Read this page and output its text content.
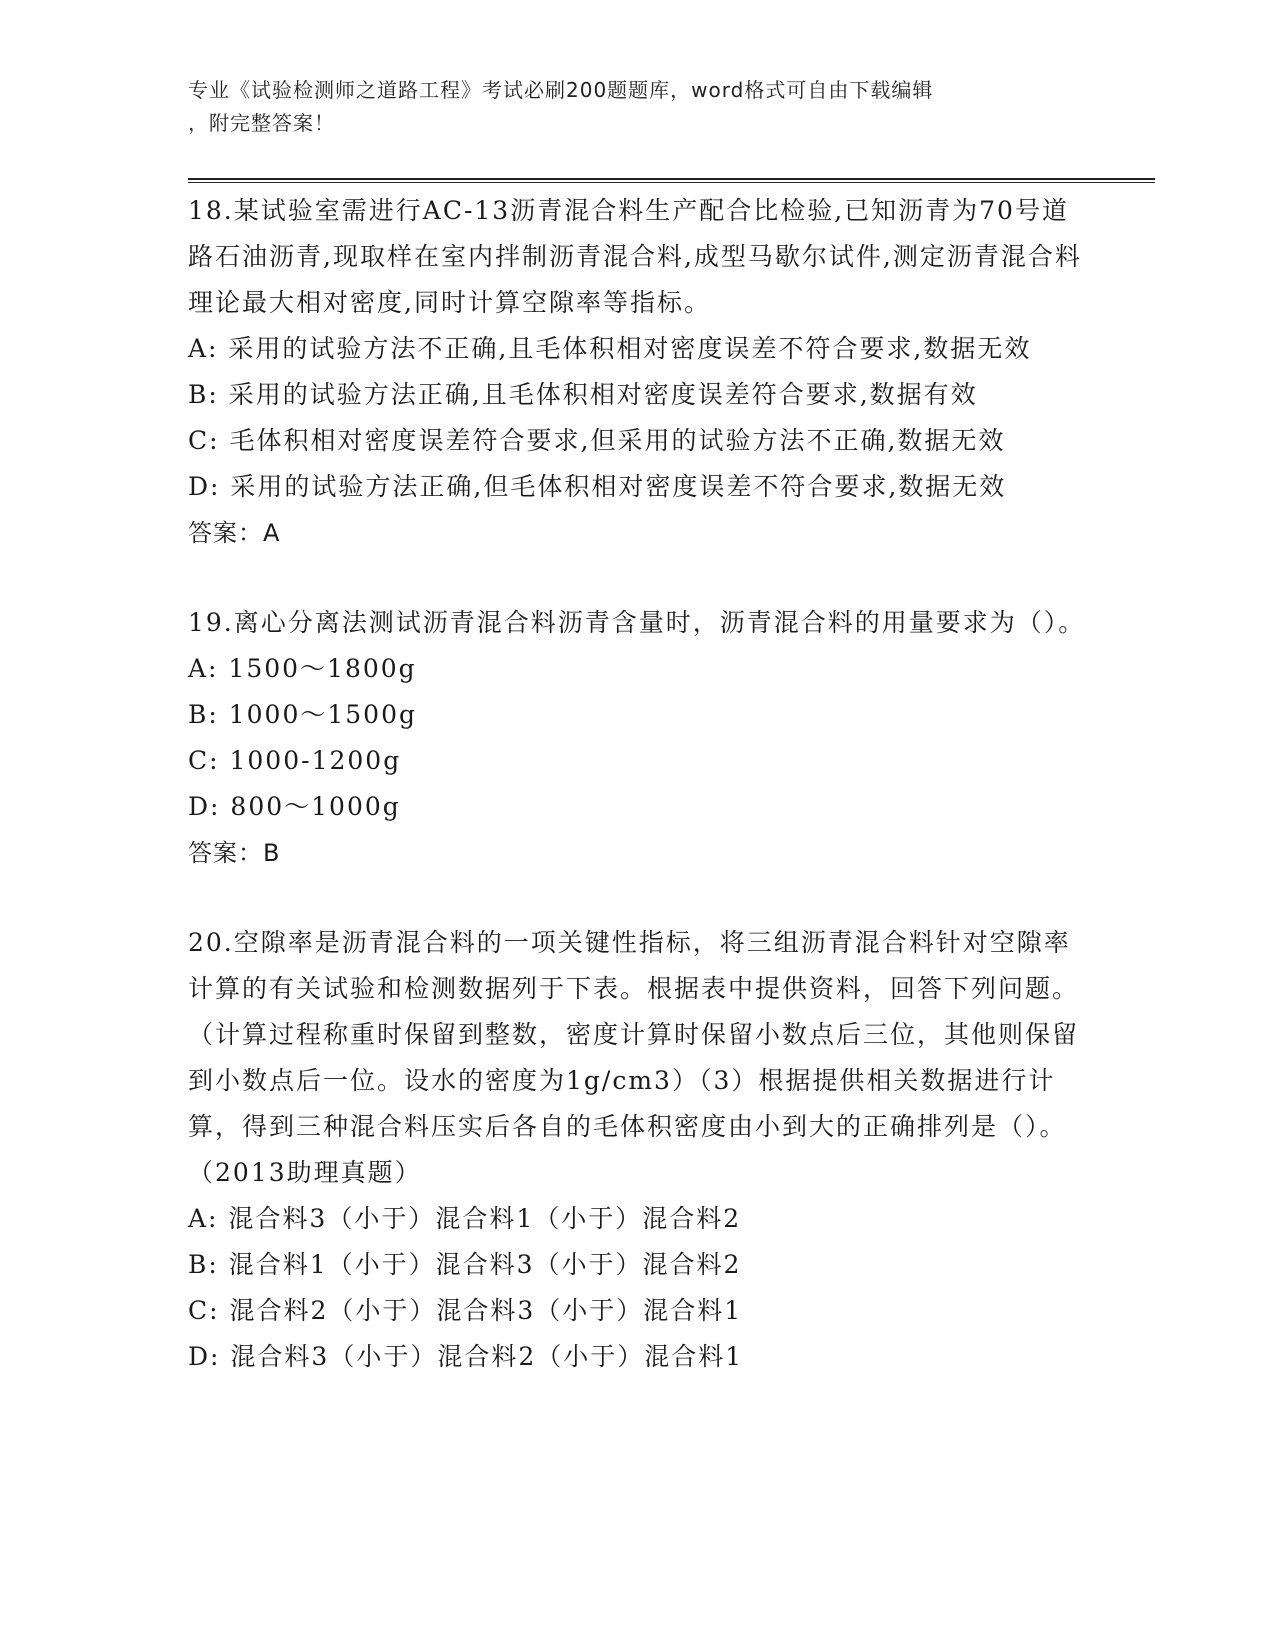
专业《试验检测师之道路工程》考试必刷200题题库，word格式可自由下载编辑
，附完整答案！

18.某试验室需进行AC-13沥青混合料生产配合比检验,已知沥青为70号道路石油沥青,现取样在室内拌制沥青混合料,成型马歇尔试件,测定沥青混合料理论最大相对密度,同时计算空隙率等指标。

A: 采用的试验方法不正确,且毛体积相对密度误差不符合要求,数据无效

B: 采用的试验方法正确,且毛体积相对密度误差符合要求,数据有效

C: 毛体积相对密度误差符合要求,但采用的试验方法不正确,数据无效

D: 采用的试验方法正确,但毛体积相对密度误差不符合要求,数据无效

答案：A

19.离心分离法测试沥青混合料沥青含量时，沥青混合料的用量要求为（）。

A: 1500～1800g

B: 1000～1500g

C: 1000-1200g

D: 800～1000g

答案：B

20.空隙率是沥青混合料的一项关键性指标，将三组沥青混合料针对空隙率计算的有关试验和检测数据列于下表。根据表中提供资料，回答下列问题。（计算过程称重时保留到整数，密度计算时保留小数点后三位，其他则保留到小数点后一位。设水的密度为1g/cm3）（3）根据提供相关数据进行计算，得到三种混合料压实后各自的毛体积密度由小到大的正确排列是（）。（2013助理真题）

A: 混合料3（小于）混合料1（小于）混合料2

B: 混合料1（小于）混合料3（小于）混合料2

C: 混合料2（小于）混合料3（小于）混合料1

D: 混合料3（小于）混合料2（小于）混合料1
